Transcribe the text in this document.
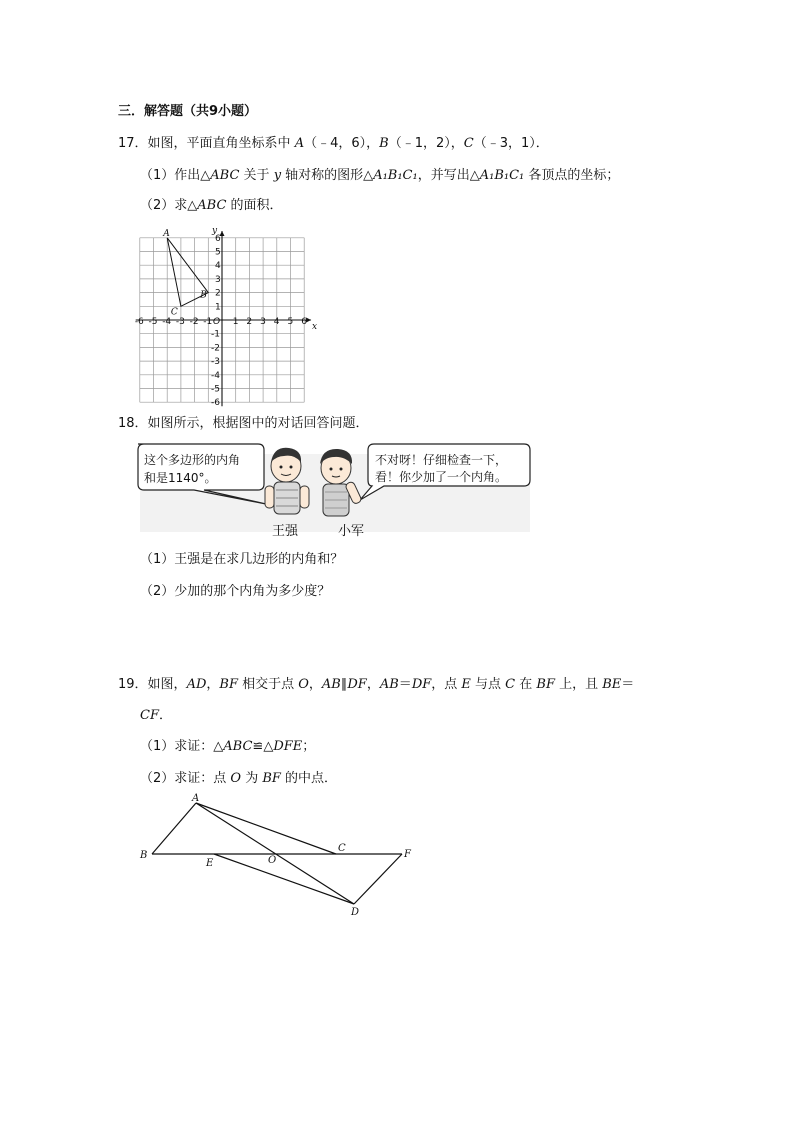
三．解答题（共9小题）
17．如图，平面直角坐标系中 A（﹣4，6），B（﹣1，2），C（﹣3，1）．
（1）作出△ABC 关于 y 轴对称的图形△A₁B₁C₁，并写出△A₁B₁C₁ 各顶点的坐标；
（2）求△ABC 的面积．
-6 -5 -4 -3 -2 -1 O 1 2 3 4 5 6
6
5
4
3
2
1
-1
-2
-3
-4
-5
-6
x
y
A
B
C
18．如图所示，根据图中的对话回答问题．
这个多边形的内角
和是1140°。
不对呀！仔细检查一下，
看！你少加了一个内角。
王强	小军
（1）王强是在求几边形的内角和？
（2）少加的那个内角为多少度？
19．如图，AD，BF 相交于点 O，AB∥DF，AB＝DF，点 E 与点 C 在 BF 上，且 BE＝
CF．
（1）求证：△ABC≌△DFE；
（2）求证：点 O 为 BF 的中点．
A
B
E	O
C
F
D
